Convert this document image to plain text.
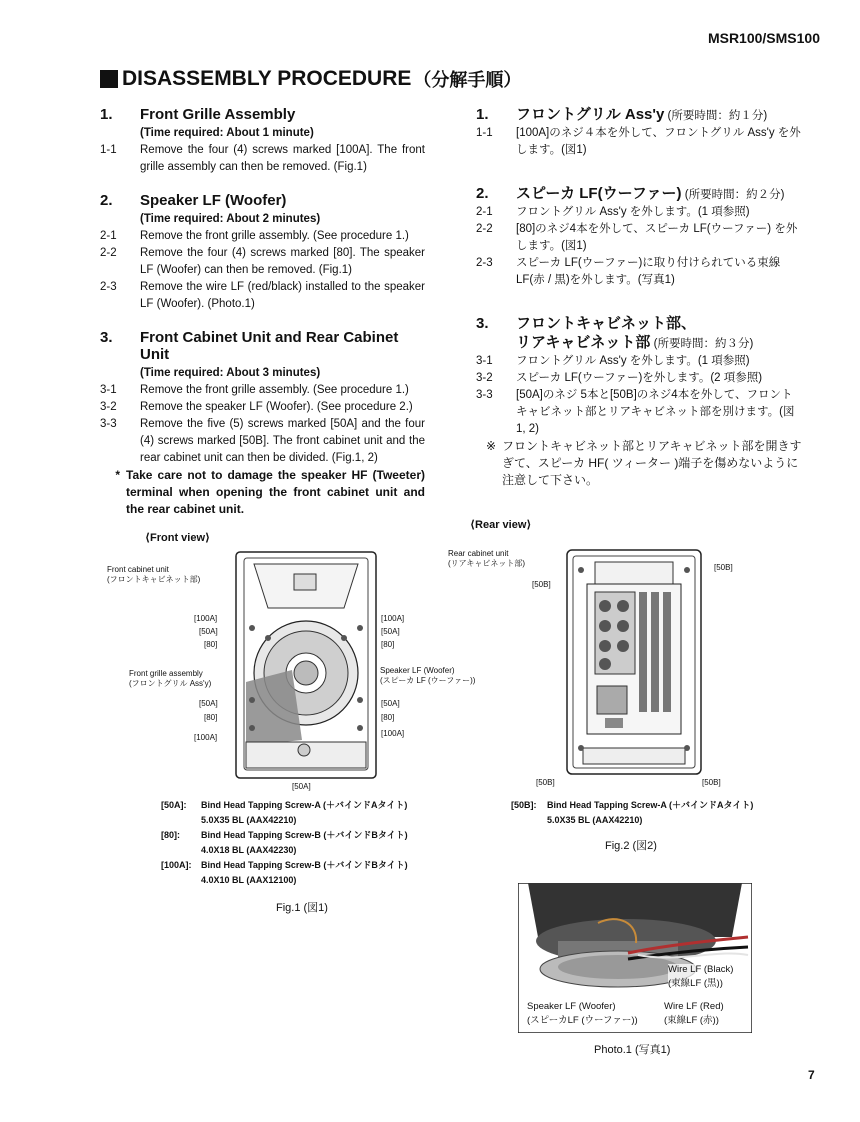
MSR100/SMS100
DISASSEMBLY PROCEDURE （分解手順）
1.	Front Grille Assembly
(Time required: About 1 minute)
1-1	Remove the four (4) screws marked [100A]. The front grille assembly can then be removed. (Fig.1)
2.	Speaker LF (Woofer)
(Time required: About 2 minutes)
2-1	Remove the front grille assembly. (See procedure 1.)
2-2	Remove the four (4) screws marked [80]. The speaker LF (Woofer) can then be removed. (Fig.1)
2-3	Remove the wire LF (red/black) installed to the speaker LF (Woofer). (Photo.1)
3.	Front Cabinet Unit and Rear Cabinet Unit
(Time required: About 3 minutes)
3-1	Remove the front grille assembly. (See procedure 1.)
3-2	Remove the speaker LF (Woofer). (See procedure 2.)
3-3	Remove the five (5) screws marked [50A] and the four (4) screws marked [50B]. The front cabinet unit and the rear cabinet unit can then be divided. (Fig.1, 2)
* Take care not to damage the speaker HF (Tweeter) terminal when opening the front cabinet unit and the rear cabinet unit.
1.	フロントグリル Ass'y (所要時間：約１分)
1-1	[100A]のネジ４本を外して、フロントグリル Ass'y を外します。(図1)
2.	スピーカ LF(ウーファー) (所要時間：約２分)
2-1	フロントグリル Ass'y を外します。(1 項参照)
2-2	[80]のネジ4本を外して、スピーカ LF(ウーファー) を外します。(図1)
2-3	スピーカ LF(ウーファー)に取り付けられている束線 LF(赤 / 黒)を外します。(写真1)
3.	フロントキャビネット部、
リアキャビネット部 (所要時間：約３分)
3-1	フロントグリル Ass'y を外します。(1 項参照)
3-2	スピーカ LF(ウーファー)を外します。(2 項参照)
3-3	[50A]のネジ 5本と[50B]のネジ4本を外して、フロントキャビネット部とリアキャビネット部を別けます。(図1, 2)
※ フロントキャビネット部とリアキャビネット部を開きすぎて、スピーカ HF( ツィーター )端子を傷めないように注意して下さい。
⟨Front view⟩
Front cabinet unit
(フロントキャビネット部)
[100A]
[50A]
[80]
[100A]
[50A]
[80]
Front grille assembly
(フロントグリル Ass'y)
Speaker LF (Woofer)
(スピーカ LF (ウーファー))
[50A]
[80]
[100A]
[50A]
[80]
[100A]
[50A]
[50A]:	Bind Head Tapping Screw-A (＋バインドAタイト)
5.0X35 BL (AAX42210)
[80]:	Bind Head Tapping Screw-B (＋バインドBタイト)
4.0X18 BL (AAX42230)
[100A]:	Bind Head Tapping Screw-B (＋バインドBタイト)
4.0X10 BL (AAX12100)
Fig.1 (図1)
⟨Rear view⟩
Rear cabinet unit
(リアキャビネット部)
[50B]
[50B]
[50B]	[50B]
[50B]:	Bind Head Tapping Screw-A (＋バインドAタイト)
5.0X35 BL (AAX42210)
Fig.2 (図2)
Wire LF (Black)
(束線LF (黒))
Speaker LF (Woofer)
(スピーカLF (ウーファー))
Wire LF (Red)
(束線LF (赤))
Photo.1 (写真1)
7
